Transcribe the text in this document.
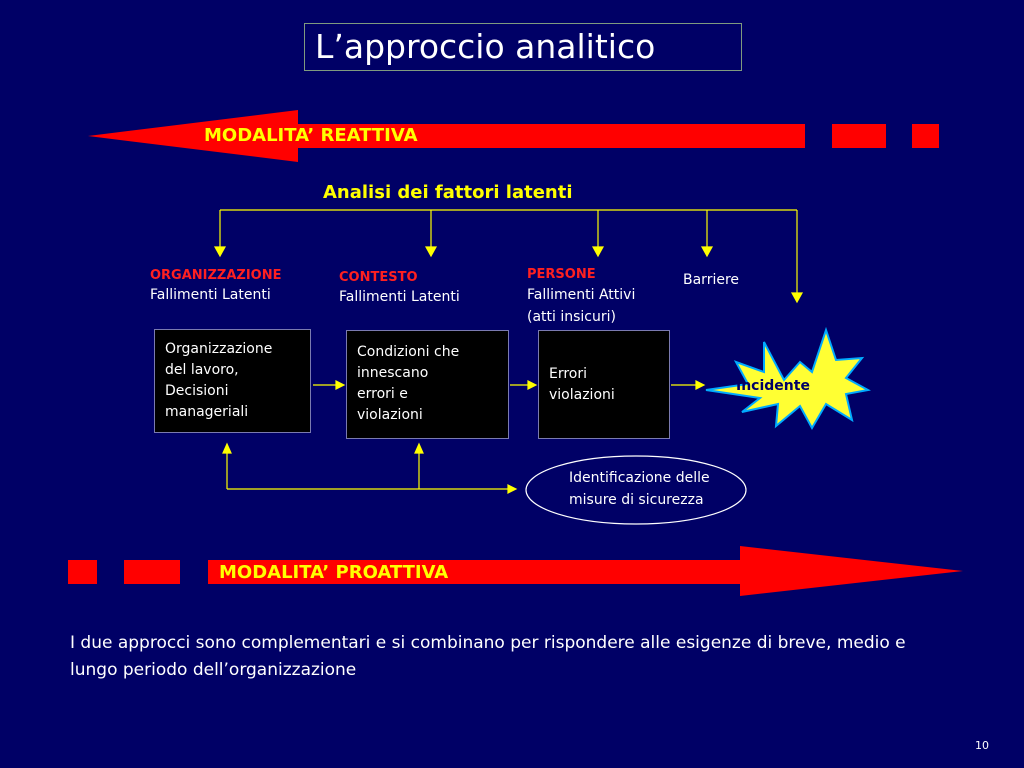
L’approccio analitico
MODALITA’ REATTIVA
Analisi dei fattori latenti
ORGANIZZAZIONE
Fallimenti Latenti
CONTESTO
Fallimenti Latenti
PERSONE
Fallimenti Attivi
(atti insicuri)
Barriere
Organizzazione
del lavoro,
Decisioni
manageriali
Condizioni che
innescano
errori e
violazioni
Errori
violazioni
Incidente
Identificazione delle
misure di sicurezza
MODALITA’ PROATTIVA
I due approcci sono complementari e si combinano per rispondere alle esigenze di breve, medio e lungo periodo dell’organizzazione
10
